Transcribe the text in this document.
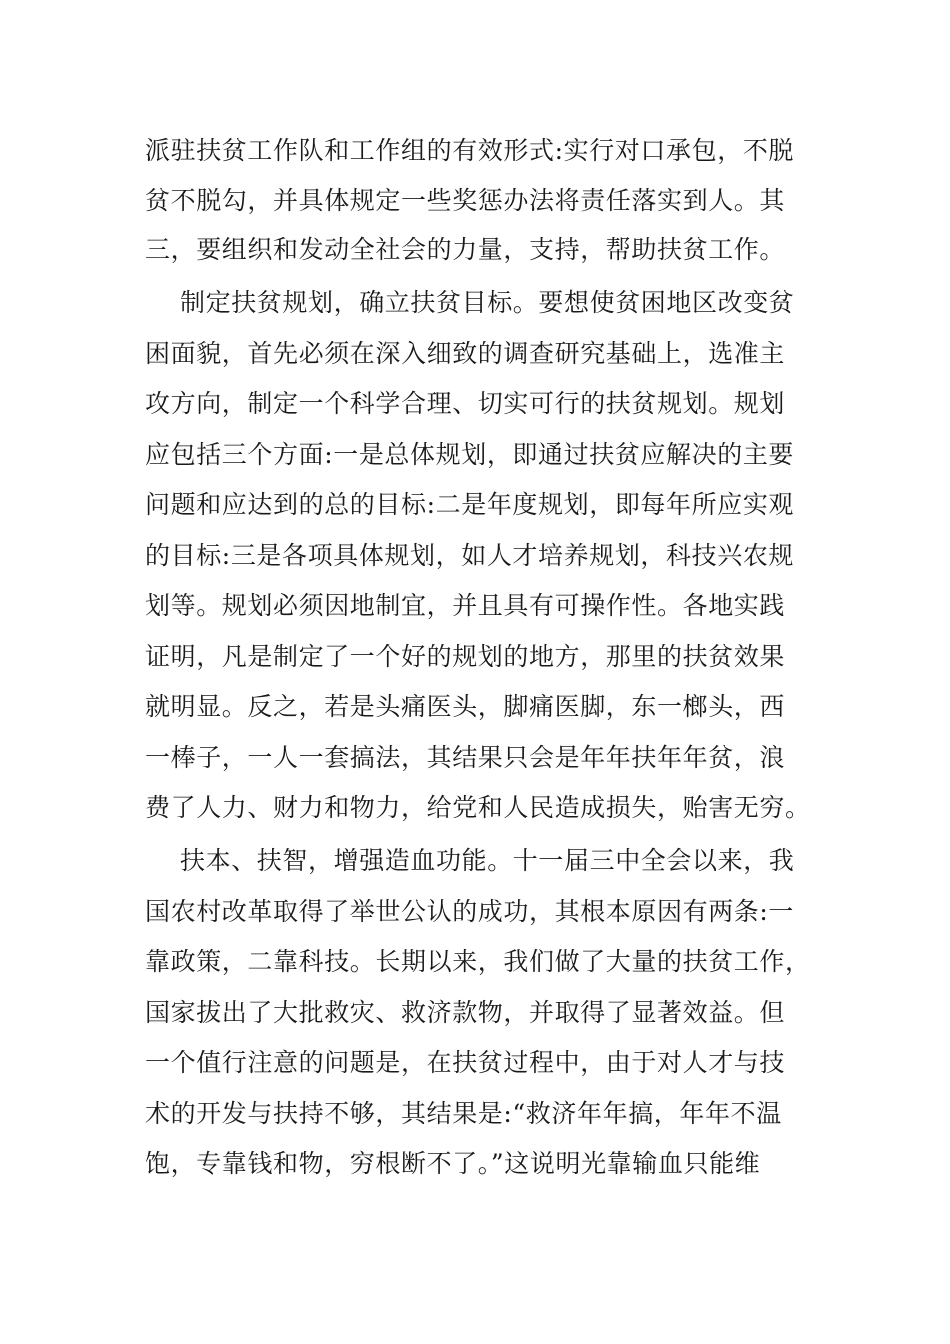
派驻扶贫工作队和工作组的有效形式:实行对口承包，不脱
贫不脱勾，并具体规定一些奖惩办法将责任落实到人。其
三，要组织和发动全社会的力量，支持，帮助扶贫工作。
制定扶贫规划，确立扶贫目标。要想使贫困地区改变贫
困面貌，首先必须在深入细致的调查研究基础上，选准主
攻方向，制定一个科学合理、切实可行的扶贫规划。规划
应包括三个方面:一是总体规划，即通过扶贫应解决的主要
问题和应达到的总的目标:二是年度规划，即每年所应实观
的目标:三是各项具体规划，如人才培养规划，科技兴农规
划等。规划必须因地制宜，并且具有可操作性。各地实践
证明，凡是制定了一个好的规划的地方，那里的扶贫效果
就明显。反之，若是头痛医头，脚痛医脚，东一榔头，西
一棒子，一人一套搞法，其结果只会是年年扶年年贫，浪
费了人力、财力和物力，给党和人民造成损失，贻害无穷。
扶本、扶智，增强造血功能。十一届三中全会以来，我
国农村改革取得了举世公认的成功，其根本原因有两条:一
靠政策，二靠科技。长期以来，我们做了大量的扶贫工作，
国家拔出了大批救灾、救济款物，并取得了显著效益。但
一个值行注意的问题是，在扶贫过程中，由于对人才与技
术的开发与扶持不够，其结果是:“救济年年搞，年年不温
饱，专靠钱和物，穷根断不了。”这说明光靠输血只能维
